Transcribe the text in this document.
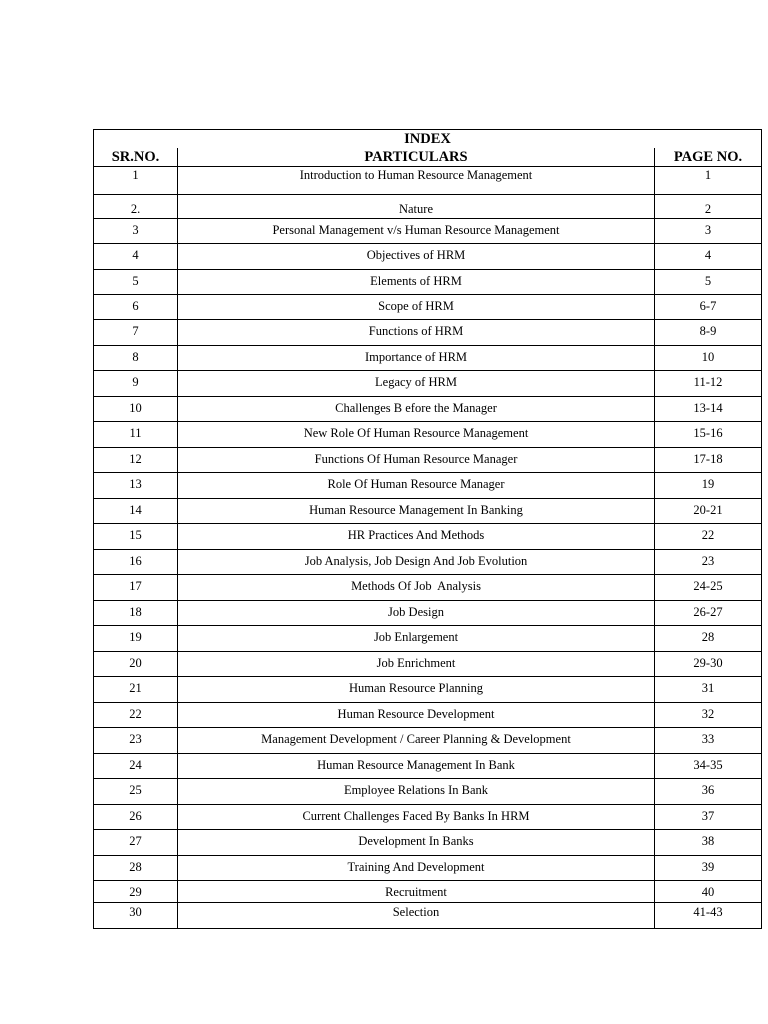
INDEX		
SR.NO.	PARTICULARS	PAGE NO.
1	Introduction to Human Resource Management	1
2.	Nature	2
3	Personal Management v/s Human Resource Management	3
4	Objectives of HRM	4
5	Elements of HRM	5
6	Scope of HRM	6-7
7	Functions of HRM	8-9
8	Importance of HRM	10
9	Legacy of HRM	11-12
10	Challenges B efore the Manager	13-14
11	New Role Of Human Resource Management	15-16
12	Functions Of Human Resource Manager	17-18
13	Role Of Human Resource Manager	19
14	Human Resource Management In Banking	20-21
15	HR Practices And Methods	22
16	Job Analysis, Job Design And Job Evolution	23
17	Methods Of Job  Analysis	24-25
18	Job Design	26-27
19	Job Enlargement	28
20	Job Enrichment	29-30
21	Human Resource Planning	31
22	Human Resource Development	32
23	Management Development / Career Planning & Development	33
24	Human Resource Management In Bank	34-35
25	Employee Relations In Bank	36
26	Current Challenges Faced By Banks In HRM	37
27	Development In Banks	38
28	Training And Development	39
29	Recruitment	40
30	Selection	41-43
